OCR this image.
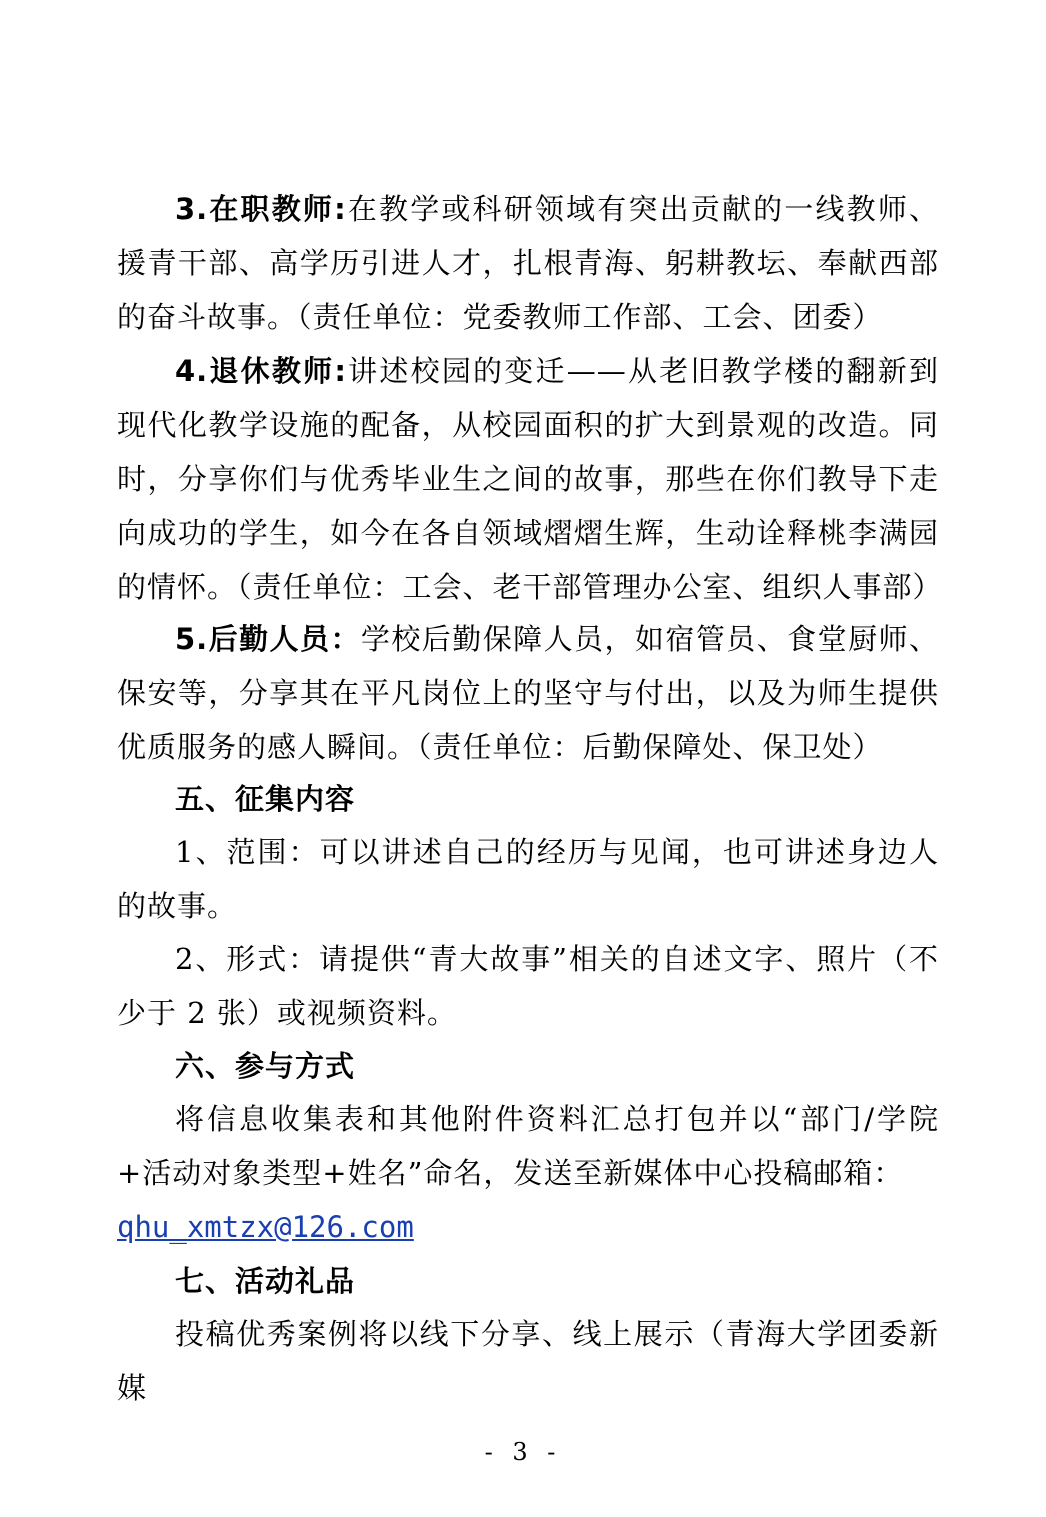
3.在职教师:在教学或科研领域有突出贡献的一线教师、援青干部、高学历引进人才，扎根青海、躬耕教坛、奉献西部的奋斗故事。（责任单位：党委教师工作部、工会、团委）

4.退休教师:讲述校园的变迁——从老旧教学楼的翻新到现代化教学设施的配备，从校园面积的扩大到景观的改造。同时，分享你们与优秀毕业生之间的故事，那些在你们教导下走向成功的学生，如今在各自领域熠熠生辉，生动诠释桃李满园的情怀。（责任单位：工会、老干部管理办公室、组织人事部）

5.后勤人员：学校后勤保障人员，如宿管员、食堂厨师、保安等，分享其在平凡岗位上的坚守与付出，以及为师生提供优质服务的感人瞬间。（责任单位：后勤保障处、保卫处）

五、征集内容

1、范围：可以讲述自己的经历与见闻，也可讲述身边人的故事。

2、形式：请提供“青大故事”相关的自述文字、照片（不少于 2 张）或视频资料。

六、参与方式

将信息收集表和其他附件资料汇总打包并以“部门/学院+活动对象类型+姓名”命名，发送至新媒体中心投稿邮箱：

qhu_xmtzx@126.com

七、活动礼品

投稿优秀案例将以线下分享、线上展示（青海大学团委新媒

- 3 -
